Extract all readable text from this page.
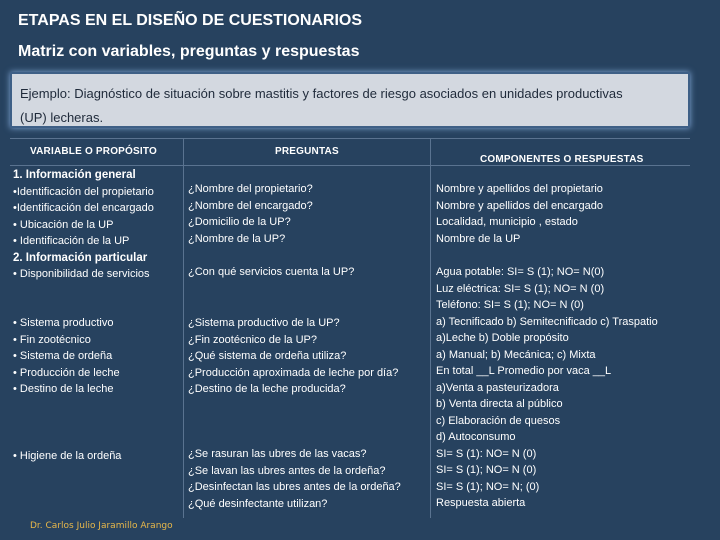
ETAPAS EN EL DISEÑO DE CUESTIONARIOS
Matriz con variables, preguntas y respuestas
Ejemplo: Diagnóstico de situación sobre mastitis y factores de riesgo asociados en unidades productivas
(UP) lecheras.
VARIABLE O PROPÓSITO	PREGUNTAS
COMPONENTES O RESPUESTAS
1. Información general
•Identificación del propietario
•Identificación del encargado
• Ubicación de la UP
• Identificación de la UP
2. Información particular
• Disponibilidad de servicios
• Sistema productivo
• Fin zootécnico
• Sistema de ordeña
• Producción de leche
• Destino de la leche
• Higiene de la ordeña
¿Nombre del propietario?
¿Nombre del encargado?
¿Domicilio de la UP?
¿Nombre de la UP?
¿Con qué servicios cuenta la UP?
¿Sistema productivo de la UP?
¿Fin zootécnico de la UP?
¿Qué sistema de ordeña utiliza?
¿Producción aproximada de leche por día?
¿Destino de la leche producida?
¿Se rasuran las ubres de las vacas?
¿Se lavan las ubres antes de la ordeña?
¿Desinfectan las ubres antes de la ordeña?
¿Qué desinfectante utilizan?
Nombre y apellidos del propietario
Nombre y apellidos del encargado
Localidad, municipio , estado
Nombre de la UP
Agua potable: SI= S (1); NO= N(0)
Luz eléctrica: SI= S (1); NO= N (0)
Teléfono: SI= S (1); NO= N (0)
a) Tecnificado b) Semitecnificado c) Traspatio
a)Leche b) Doble propósito
a) Manual; b) Mecánica; c) Mixta
En total __L Promedio por vaca __L
a)Venta a pasteurizadora
b) Venta directa al público
c) Elaboración de quesos
d) Autoconsumo
SI= S (1): NO= N (0)
SI= S (1); NO= N (0)
SI= S (1); NO= N; (0)
Respuesta abierta
Dr. Carlos Julio Jaramillo Arango
